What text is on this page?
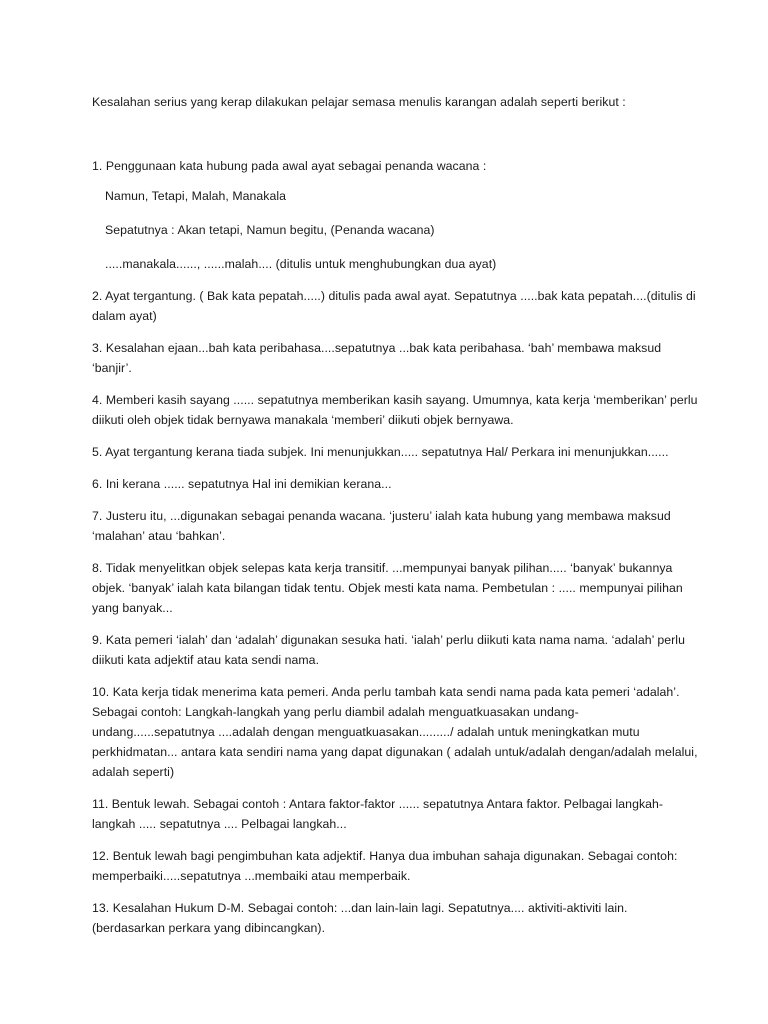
Kesalahan serius yang kerap dilakukan pelajar semasa menulis karangan adalah seperti berikut :

1. Penggunaan kata hubung pada awal ayat sebagai penanda wacana :

Namun, Tetapi, Malah, Manakala

Sepatutnya : Akan tetapi, Namun begitu, (Penanda wacana)

.....manakala......, ......malah.... (ditulis untuk menghubungkan dua ayat)

2. Ayat tergantung. ( Bak kata pepatah.....) ditulis pada awal ayat. Sepatutnya .....bak kata pepatah....(ditulis di dalam ayat)

3. Kesalahan ejaan...bah kata peribahasa....sepatutnya ...bak kata peribahasa. ‘bah’ membawa maksud ‘banjir’.

4. Memberi kasih sayang ...... sepatutnya memberikan kasih sayang. Umumnya, kata kerja ‘memberikan’ perlu diikuti oleh objek tidak bernyawa manakala ‘memberi’ diikuti objek bernyawa.

5. Ayat tergantung kerana tiada subjek. Ini menunjukkan..... sepatutnya Hal/ Perkara ini menunjukkan......

6. Ini kerana ...... sepatutnya Hal ini demikian kerana...

7. Justeru itu, ...digunakan sebagai penanda wacana. ‘justeru’ ialah kata hubung yang membawa maksud ‘malahan’ atau ‘bahkan’.

8. Tidak menyelitkan objek selepas kata kerja transitif. ...mempunyai banyak pilihan..... ‘banyak’ bukannya objek. ‘banyak’ ialah kata bilangan tidak tentu. Objek mesti kata nama. Pembetulan : ..... mempunyai pilihan yang banyak...

9. Kata pemeri ‘ialah’ dan ‘adalah’ digunakan sesuka hati. ‘ialah’ perlu diikuti kata nama nama. ‘adalah’ perlu diikuti kata adjektif atau kata sendi nama.

10. Kata kerja tidak menerima kata pemeri. Anda perlu tambah kata sendi nama pada kata pemeri ‘adalah’. Sebagai contoh: Langkah-langkah yang perlu diambil adalah menguatkuasakan undang-undang......sepatutnya ....adalah dengan menguatkuasakan........./ adalah untuk meningkatkan mutu perkhidmatan... antara kata sendiri nama yang dapat digunakan ( adalah untuk/adalah dengan/adalah melalui, adalah seperti)

11. Bentuk lewah. Sebagai contoh : Antara faktor-faktor ...... sepatutnya Antara faktor. Pelbagai langkah-langkah ..... sepatutnya .... Pelbagai langkah...

12. Bentuk lewah bagi pengimbuhan kata adjektif. Hanya dua imbuhan sahaja digunakan. Sebagai contoh: memperbaiki.....sepatutnya ...membaiki atau memperbaik.

13. Kesalahan Hukum D-M. Sebagai contoh: ...dan lain-lain lagi. Sepatutnya.... aktiviti-aktiviti lain. (berdasarkan perkara yang dibincangkan).
